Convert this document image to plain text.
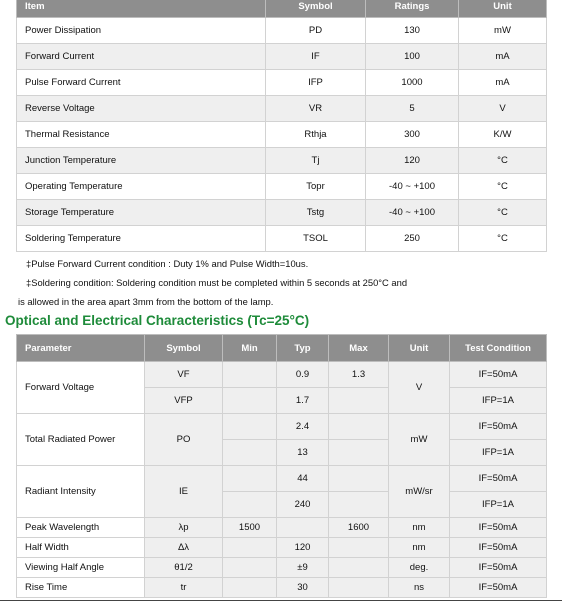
Item	Symbol	Ratings	Unit
Power Dissipation	PD	130	mW
Forward Current	IF	100	mA
Pulse Forward Current	IFP	1000	mA
Reverse Voltage	VR	5	V
Thermal Resistance	Rthja	300	K/W
Junction Temperature	Tj	120	°C
Operating Temperature	Topr	-40 ~ +100	°C
Storage Temperature	Tstg	-40 ~ +100	°C
Soldering Temperature	TSOL	250	°C
‡Pulse Forward Current condition : Duty 1% and Pulse Width=10us.
‡Soldering condition: Soldering condition must be completed within 5 seconds at 250°C and
is allowed in the area apart 3mm from the bottom of the lamp.
Optical and Electrical Characteristics (Tc=25°C)
Parameter	Symbol	Min	Typ	Max	Unit	Test Condition
Forward Voltage	VF		0.9	1.3	V	IF=50mA
	VFP		1.7			IFP=1A
Total Radiated Power	PO		2.4		mW	IF=50mA
			13			IFP=1A
Radiant Intensity	IE		44		mW/sr	IF=50mA
			240			IFP=1A
Peak Wavelength	λp	1500		1600	nm	IF=50mA
Half Width	Δλ		120		nm	IF=50mA
Viewing Half Angle	θ1/2		±9		deg.	IF=50mA
Rise Time	tr		30		ns	IF=50mA
